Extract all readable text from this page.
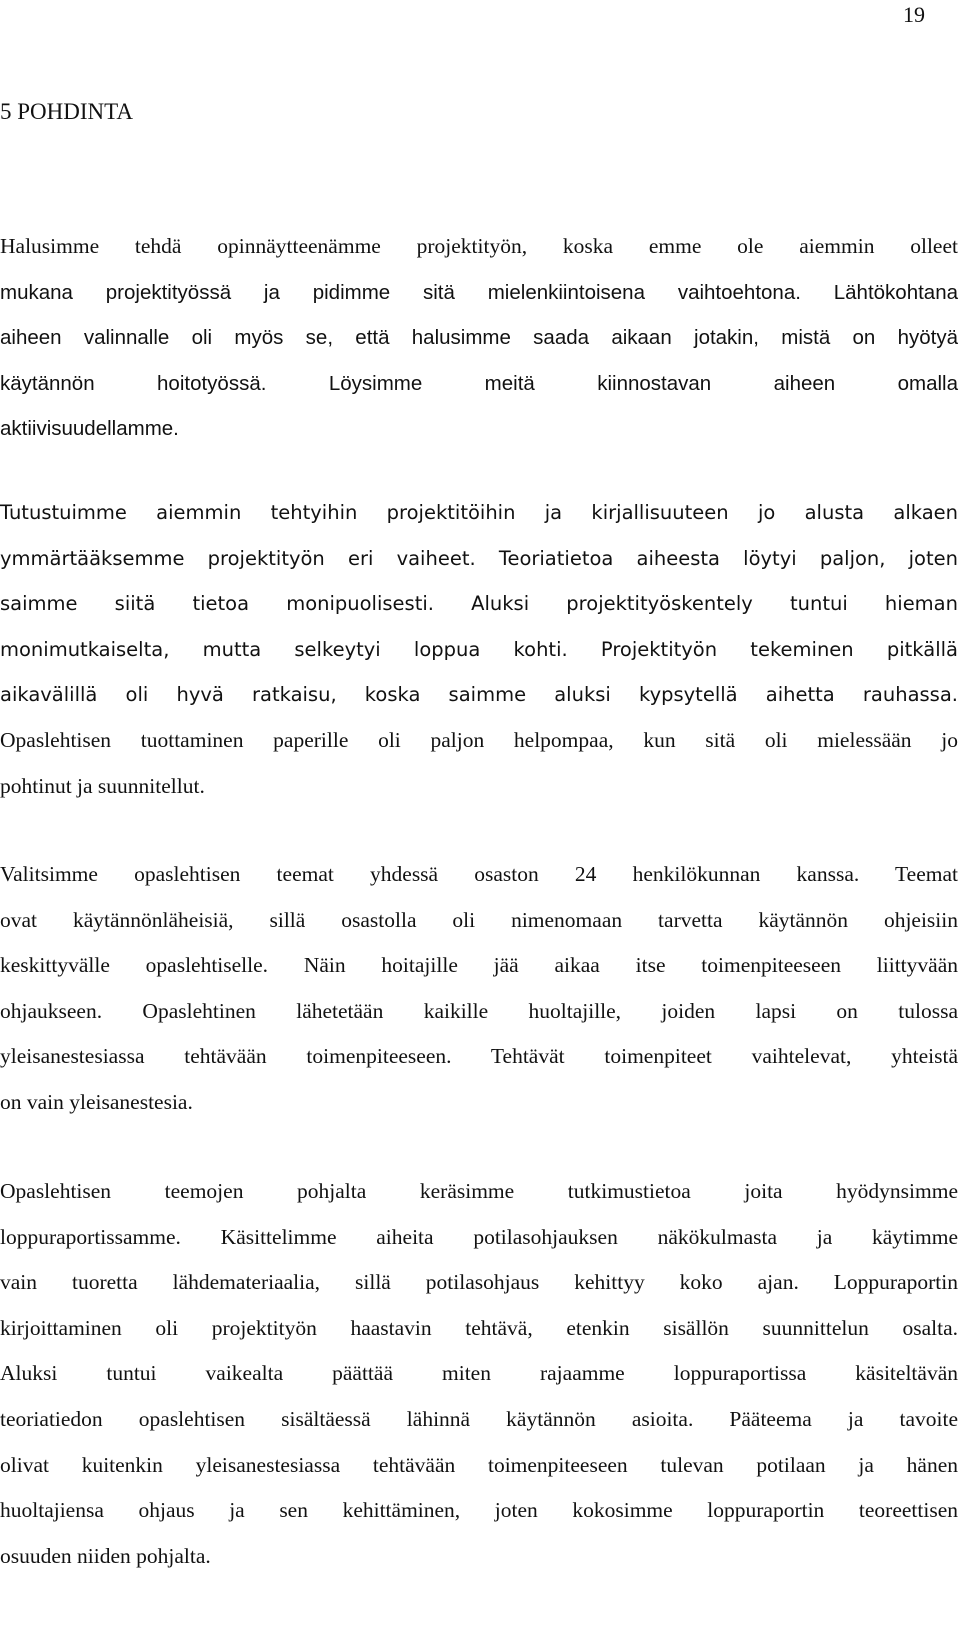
19
5 POHDINTA

Halusimme tehdä opinnäytteenämme projektityön, koska emme ole aiemmin olleet
mukana projektityössä ja pidimme sitä mielenkiintoisena vaihtoehtona. Lähtökohtana
aiheen valinnalle oli myös se, että halusimme saada aikaan jotakin, mistä on hyötyä
käytännön hoitotyössä. Löysimme meitä kiinnostavan aiheen omalla
aktiivisuudellamme.

Tutustuimme aiemmin tehtyihin projektitöihin ja kirjallisuuteen jo alusta alkaen
ymmärtääksemme projektityön eri vaiheet. Teoriatietoa aiheesta löytyi paljon, joten
saimme siitä tietoa monipuolisesti. Aluksi projektityöskentely tuntui hieman
monimutkaiselta, mutta selkeytyi loppua kohti. Projektityön tekeminen pitkällä
aikavälillä oli hyvä ratkaisu, koska saimme aluksi kypsytellä aihetta rauhassa.
Opaslehtisen tuottaminen paperille oli paljon helpompaa, kun sitä oli mielessään jo
pohtinut ja suunnitellut.

Valitsimme opaslehtisen teemat yhdessä osaston 24 henkilökunnan kanssa. Teemat
ovat käytännönläheisiä, sillä osastolla oli nimenomaan tarvetta käytännön ohjeisiin
keskittyvälle opaslehtiselle. Näin hoitajille jää aikaa itse toimenpiteeseen liittyvään
ohjaukseen. Opaslehtinen lähetetään kaikille huoltajille, joiden lapsi on tulossa
yleisanestesiassa tehtävään toimenpiteeseen. Tehtävät toimenpiteet vaihtelevat, yhteistä
on vain yleisanestesia.

Opaslehtisen teemojen pohjalta keräsimme tutkimustietoa joita hyödynsimme
loppuraportissamme. Käsittelimme aiheita potilasohjauksen näkökulmasta ja käytimme
vain tuoretta lähdemateriaalia, sillä potilasohjaus kehittyy koko ajan. Loppuraportin
kirjoittaminen oli projektityön haastavin tehtävä, etenkin sisällön suunnittelun osalta.
Aluksi tuntui vaikealta päättää miten rajaamme loppuraportissa käsiteltävän
teoriatiedon opaslehtisen sisältäessä lähinnä käytännön asioita. Pääteema ja tavoite
olivat kuitenkin yleisanestesiassa tehtävään toimenpiteeseen tulevan potilaan ja hänen
huoltajiensa ohjaus ja sen kehittäminen, joten kokosimme loppuraportin teoreettisen
osuuden niiden pohjalta.
